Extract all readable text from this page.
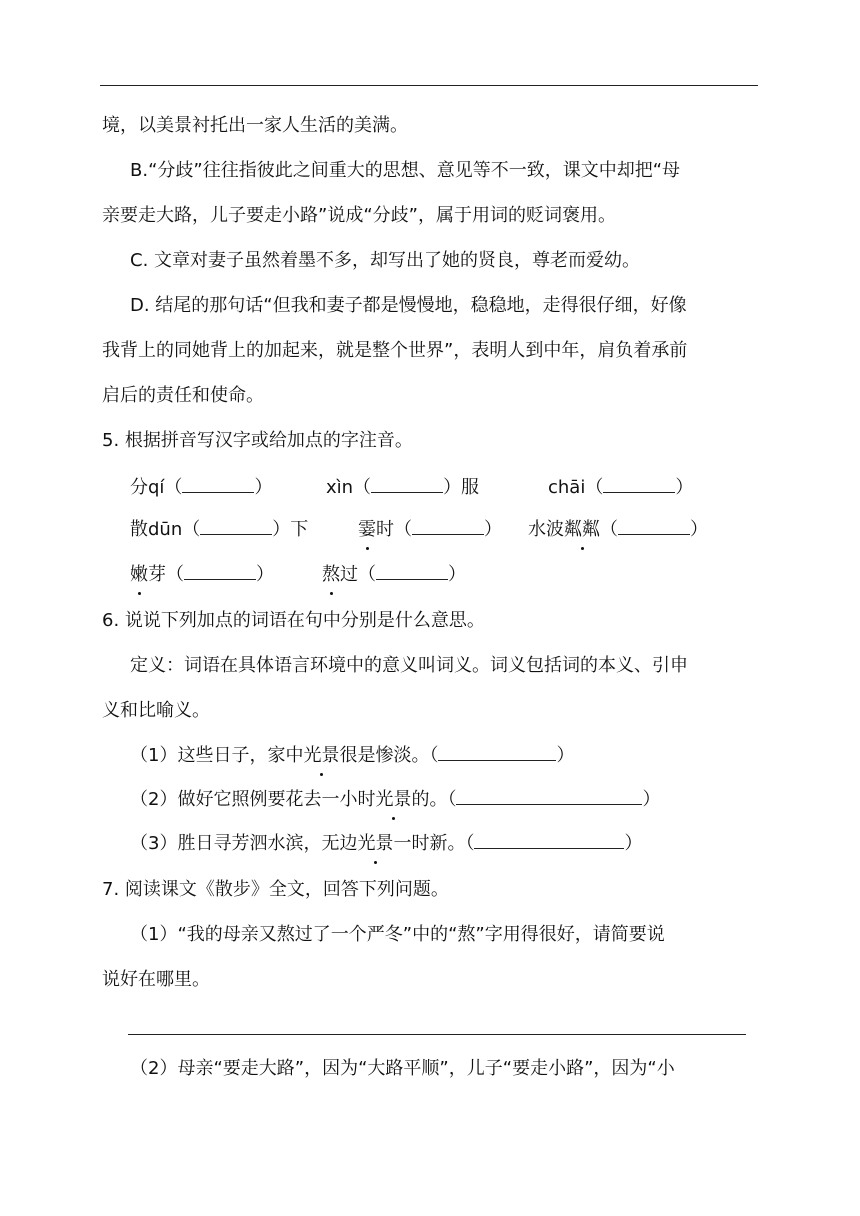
境，以美景衬托出一家人生活的美满。
B.“分歧”往往指彼此之间重大的思想、意见等不一致，课文中却把“母
亲要走大路，儿子要走小路”说成“分歧”，属于用词的贬词褒用。
C. 文章对妻子虽然着墨不多，却写出了她的贤良，尊老而爱幼。
D. 结尾的那句话“但我和妻子都是慢慢地，稳稳地，走得很仔细，好像
我背上的同她背上的加起来，就是整个世界”，表明人到中年，肩负着承前
启后的责任和使命。
5. 根据拼音写汉字或给加点的字注音。
分qí（	）	xìn（	）服	chāi（	）
散dūn（	）下	霎时（	） 水波粼粼（	）
嫩芽（	）	熬过（	）
6. 说说下列加点的词语在句中分别是什么意思。
定义：词语在具体语言环境中的意义叫词义。词义包括词的本义、引申
义和比喻义。
（1）这些日子，家中光景很是惨淡。（	）
（2）做好它照例要花去一小时光景的。（	）
（3）胜日寻芳泗水滨，无边光景一时新。（	）
7. 阅读课文《散步》全文，回答下列问题。
（1）“我的母亲又熬过了一个严冬”中的“熬”字用得很好，请简要说
说好在哪里。
（2）母亲“要走大路”，因为“大路平顺”，儿子“要走小路”，因为“小
